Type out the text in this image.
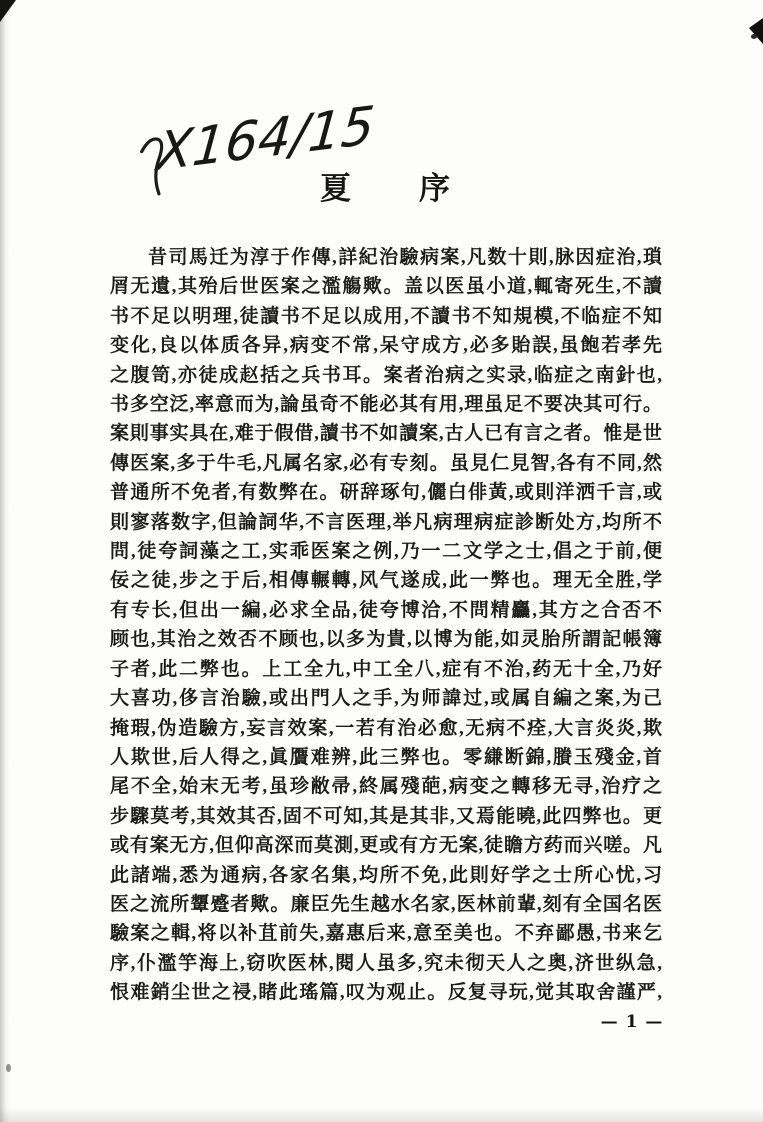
X164/15
夏　　序
昔司馬迁为淳于作傳,詳紀治驗病案,凡数十則,脉因症治,瑣
屑无遺,其殆后世医案之濫觴歟。盖以医虽小道,輒寄死生,不讀
书不足以明理,徒讀书不足以成用,不讀书不知規模,不临症不知
变化,良以体质各异,病变不常,呆守成方,必多貽誤,虽飽若孝先
之腹笥,亦徒成赵括之兵书耳。案者治病之实录,临症之南針也,
书多空泛,率意而为,論虽奇不能必其有用,理虽足不要决其可行。
案則事实具在,难于假借,讀书不如讀案,古人已有言之者。惟是世
傳医案,多于牛毛,凡属名家,必有专刻。虽見仁見智,各有不同,然
普通所不免者,有数弊在。研辞琢句,儷白俳黃,或則洋洒千言,或
則寥落数字,但論詞华,不言医理,举凡病理病症診断处方,均所不
問,徒夸詞藻之工,实乖医案之例,乃一二文学之士,倡之于前,便
佞之徒,步之于后,相傳輾轉,风气遂成,此一弊也。理无全胜,学
有专长,但出一編,必求全品,徒夸博洽,不問精麤,其方之合否不
顾也,其治之效否不顾也,以多为貴,以博为能,如灵胎所謂記帳簿
子者,此二弊也。上工全九,中工全八,症有不治,药无十全,乃好
大喜功,侈言治驗,或出門人之手,为师諱过,或属自編之案,为己
掩瑕,伪造驗方,妄言效案,一若有治必愈,无病不痊,大言炎炎,欺
人欺世,后人得之,眞贋难辨,此三弊也。零縑断錦,賸玉殘金,首
尾不全,始末无考,虽珍敝帚,終属殘葩,病变之轉移无寻,治疗之
步驟莫考,其效其否,固不可知,其是其非,又焉能曉,此四弊也。更
或有案无方,但仰高深而莫測,更或有方无案,徒瞻方药而兴嗟。凡
此諸端,悉为通病,各家名集,均所不免,此則好学之士所心忧,习
医之流所顰蹙者歟。廉臣先生越水名家,医林前輩,刻有全国名医
驗案之輯,将以补苴前失,嘉惠后来,意至美也。不弃鄙愚,书来乞
序,仆濫竽海上,窃吹医林,閱人虽多,究未彻天人之奥,济世纵急,
恨难銷尘世之祲,睹此瑤篇,叹为观止。反复寻玩,觉其取舍謹严,
— 1 —
